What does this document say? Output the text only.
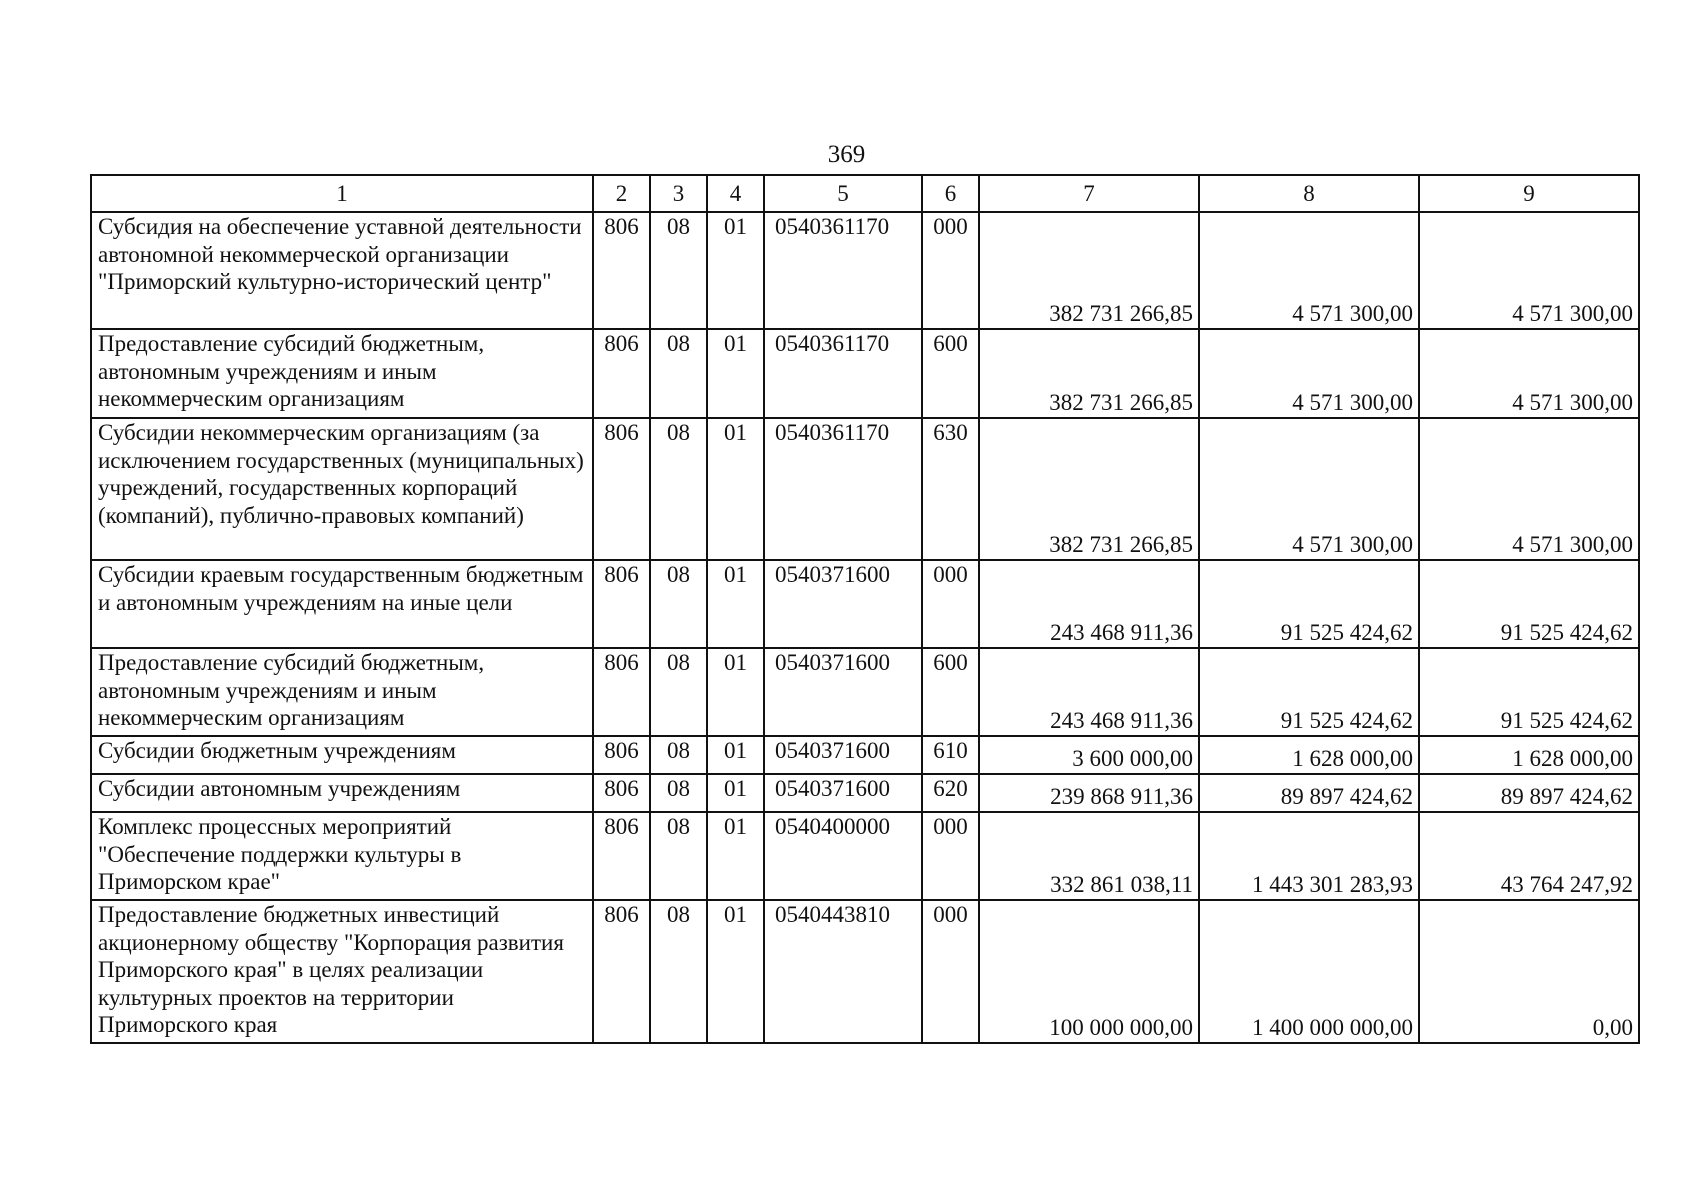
369
1	2	3	4	5	6	7	8	9
Субсидия на обеспечение уставной деятельности автономной некоммерческой организации "Приморский культурно-исторический центр"	806	08	01	0540361170	000	382 731 266,85	4 571 300,00	4 571 300,00
Предоставление субсидий бюджетным, автономным учреждениям и иным некоммерческим организациям	806	08	01	0540361170	600	382 731 266,85	4 571 300,00	4 571 300,00
Субсидии некоммерческим организациям (за исключением государственных (муниципальных) учреждений, государственных корпораций (компаний), публично-правовых компаний)	806	08	01	0540361170	630	382 731 266,85	4 571 300,00	4 571 300,00
Субсидии краевым государственным бюджетным и автономным учреждениям на иные цели	806	08	01	0540371600	000	243 468 911,36	91 525 424,62	91 525 424,62
Предоставление субсидий бюджетным, автономным учреждениям и иным некоммерческим организациям	806	08	01	0540371600	600	243 468 911,36	91 525 424,62	91 525 424,62
Субсидии бюджетным учреждениям	806	08	01	0540371600	610	3 600 000,00	1 628 000,00	1 628 000,00
Субсидии автономным учреждениям	806	08	01	0540371600	620	239 868 911,36	89 897 424,62	89 897 424,62
Комплекс процессных мероприятий "Обеспечение поддержки культуры в Приморском крае"	806	08	01	0540400000	000	332 861 038,11	1 443 301 283,93	43 764 247,92
Предоставление бюджетных инвестиций акционерному обществу "Корпорация развития Приморского края" в целях реализации культурных проектов на территории Приморского края	806	08	01	0540443810	000	100 000 000,00	1 400 000 000,00	0,00
